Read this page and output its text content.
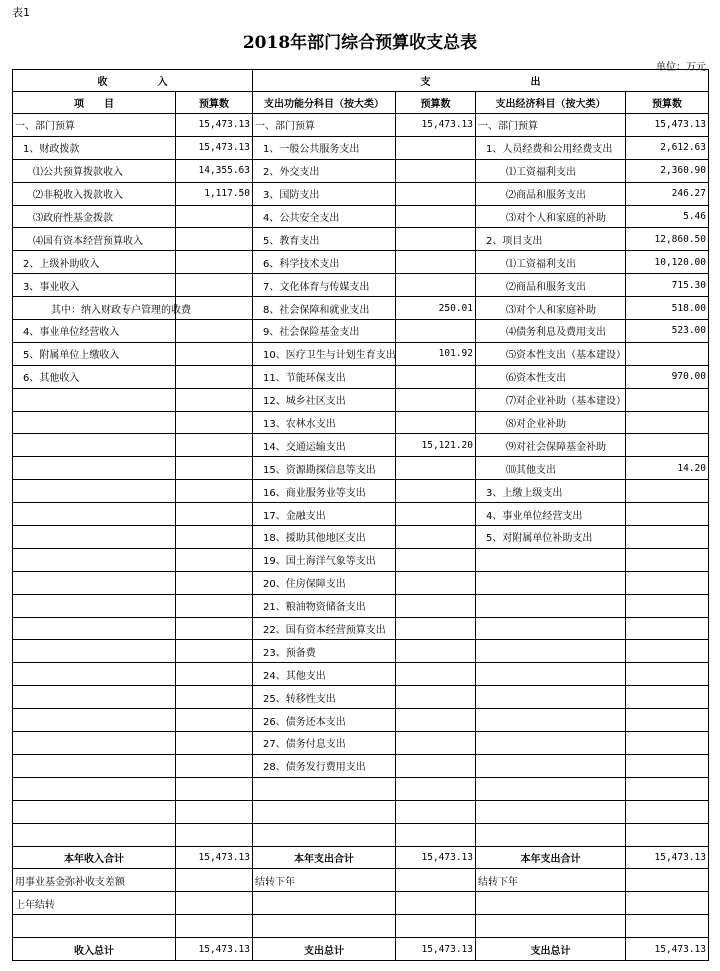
表1
2018年部门综合预算收支总表
单位：万元
收　　　　　入		支　　　　　　　　　　出			
项　　目	预算数	支出功能分科目（按大类）	预算数	支出经济科目（按大类）	预算数
一、部门预算	15,473.13	一、部门预算	15,473.13	一、部门预算	15,473.13
1、财政拨款	15,473.13	1、一般公共服务支出		1、人员经费和公用经费支出	2,612.63
⑴公共预算拨款收入	14,355.63	2、外交支出		⑴工资福利支出	2,360.90
⑵非税收入拨款收入	1,117.50	3、国防支出		⑵商品和服务支出	246.27
⑶政府性基金拨款		4、公共安全支出		⑶对个人和家庭的补助	5.46
⑷国有资本经营预算收入		5、教育支出		2、项目支出	12,860.50
2、上级补助收入		6、科学技术支出		⑴工资福利支出	10,120.00
3、事业收入		7、文化体育与传媒支出		⑵商品和服务支出	715.30
其中：纳入财政专户管理的收费		8、社会保障和就业支出	250.01	⑶对个人和家庭补助	518.00
4、事业单位经营收入		9、社会保险基金支出		⑷债务利息及费用支出	523.00
5、附属单位上缴收入		10、医疗卫生与计划生育支出	101.92	⑸资本性支出（基本建设）	
6、其他收入		11、节能环保支出		⑹资本性支出	970.00
		12、城乡社区支出		⑺对企业补助（基本建设）	
		13、农林水支出		⑻对企业补助	
		14、交通运输支出	15,121.20	⑼对社会保障基金补助	
		15、资源勘探信息等支出		⑽其他支出	14.20
		16、商业服务业等支出		3、上缴上级支出	
		17、金融支出		4、事业单位经营支出	
		18、援助其他地区支出		5、对附属单位补助支出	
		19、国土海洋气象等支出			
		20、住房保障支出			
		21、粮油物资储备支出			
		22、国有资本经营预算支出			
		23、预备费			
		24、其他支出			
		25、转移性支出			
		26、债务还本支出			
		27、债务付息支出			
		28、债务发行费用支出			

本年收入合计	15,473.13	本年支出合计	15,473.13	本年支出合计	15,473.13
用事业基金弥补收支差额		结转下年		结转下年	
上年结转					

收入总计	15,473.13	支出总计	15,473.13	支出总计	15,473.13
